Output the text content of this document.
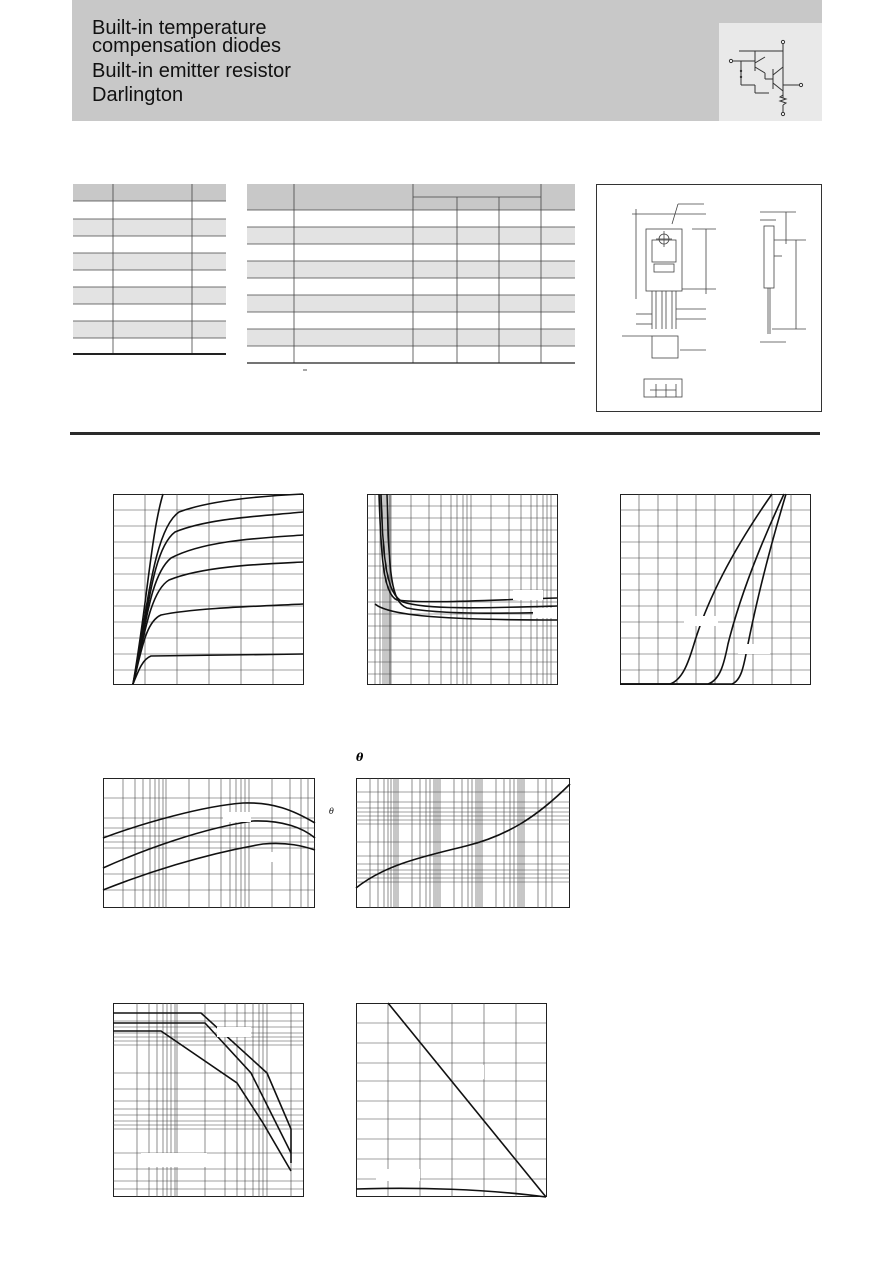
Built-in temperature
compensation diodes
Built-in emitter resistor
Darlington
θ
θ
